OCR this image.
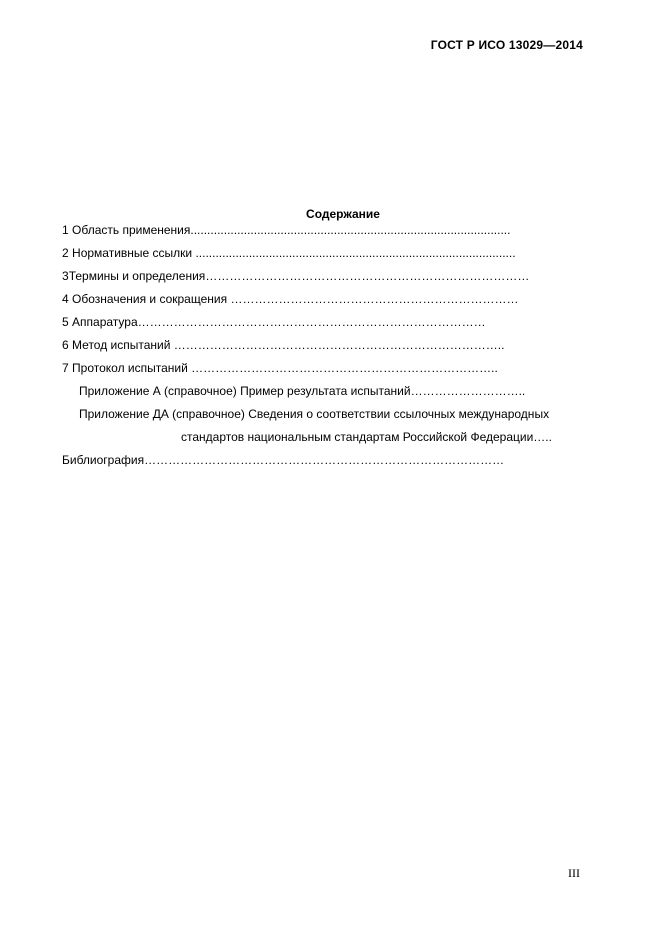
ГОСТ Р ИСО 13029—2014
Содержание
1 Область применения................................................................................................
2 Нормативные ссылки ................................................................................................
3Термины и определения………………………………………………………………………
4 Обозначения и сокращения ………………………………………………………………
5 Аппаратура……………………………………………………………………………
6 Метод испытаний ………………………………………………………………………..
7 Протокол испытаний …………………………………………………………………..
Приложение А (справочное) Пример результата испытаний………………………..
Приложение ДА (справочное) Сведения о соответствии ссылочных международных
стандартов национальным стандартам Российской Федерации…..
Библиография………………………………………………………………………………
III
